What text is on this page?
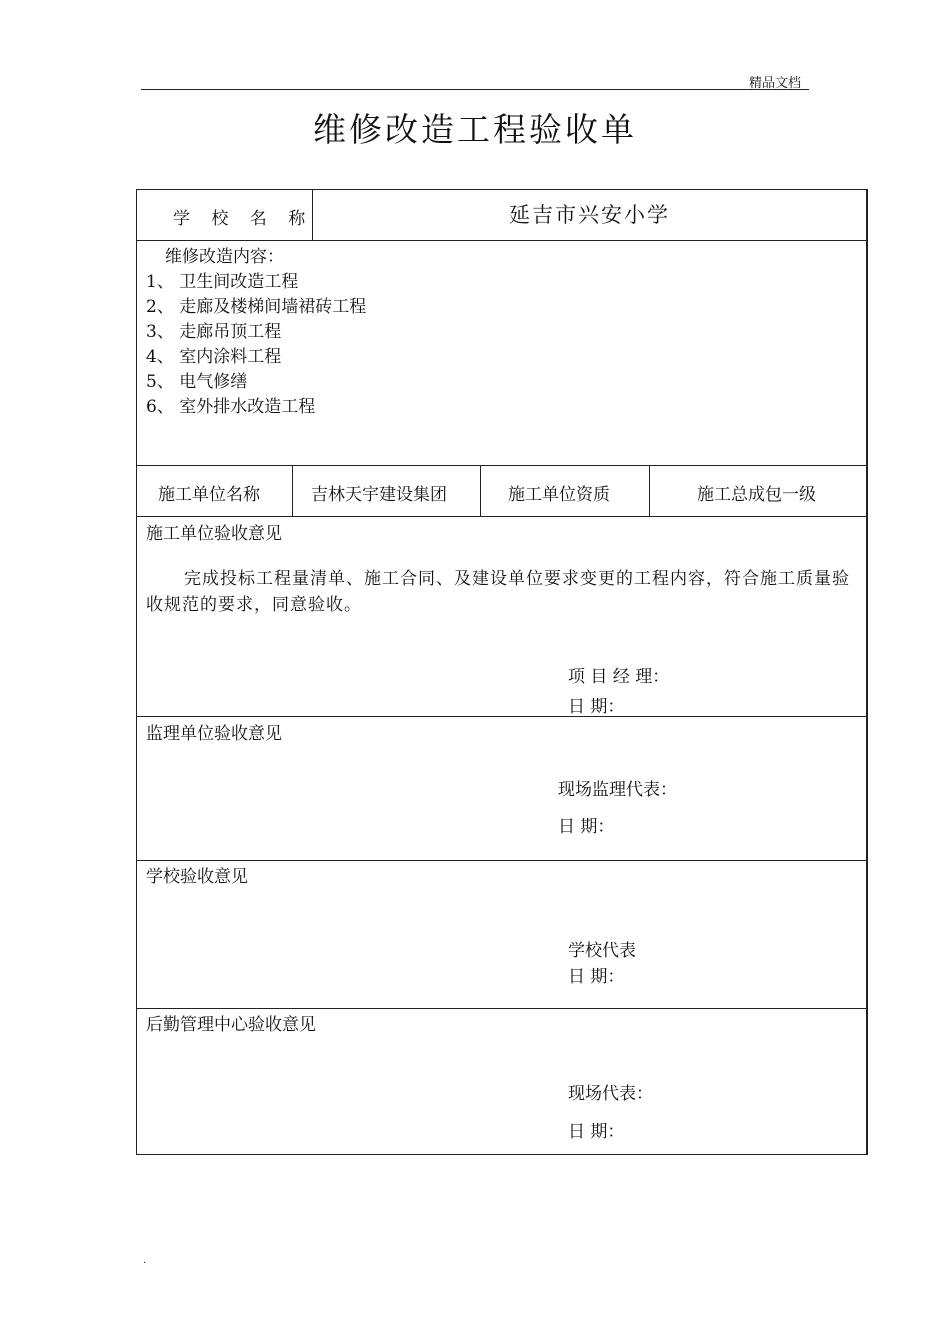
精品文档
维修改造工程验收单
学 校 名 称	延吉市兴安小学
维修改造内容：
1、 卫生间改造工程
2、 走廊及楼梯间墙裙砖工程
3、 走廊吊顶工程
4、 室内涂料工程
5、 电气修缮
6、 室外排水改造工程
施工单位名称	吉林天宇建设集团	施工单位资质	施工总成包一级
施工单位验收意见
完成投标工程量清单、施工合同、及建设单位要求变更的工程内容，符合施工质量验收规范的要求，同意验收。
项 目 经 理：
日 期：
监理单位验收意见
现场监理代表：
日 期：
学校验收意见
学校代表
日 期：
后勤管理中心验收意见
现场代表：
日 期：
.
